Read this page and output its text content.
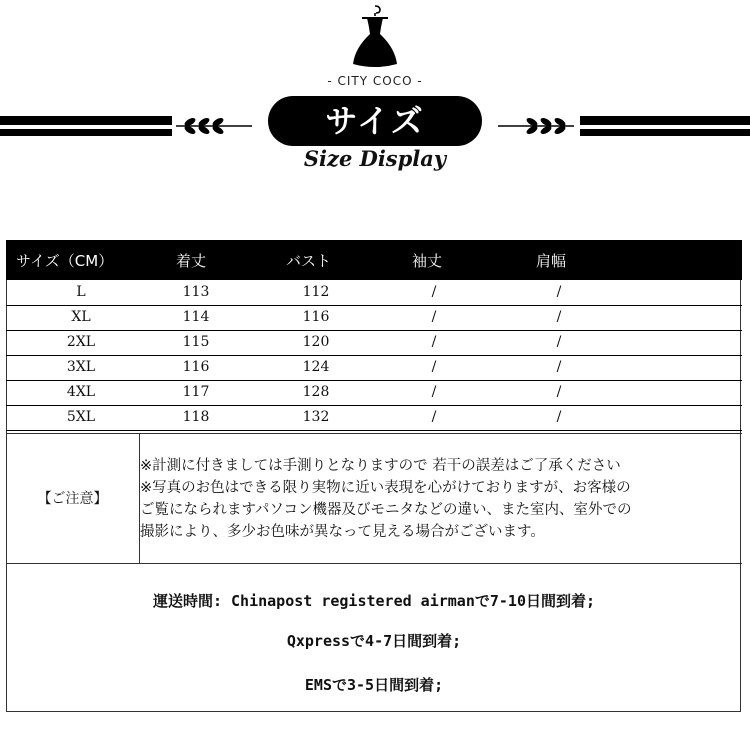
- CITY COCO -
サイズ
Size Display
サイズ（CM）	着丈	バスト	袖丈	肩幅
L	113	112	/	/
XL	114	116	/	/
2XL	115	120	/	/
3XL	116	124	/	/
4XL	117	128	/	/
5XL	118	132	/	/
【ご注意】
※計測に付きましては手測りとなりますので 若干の誤差はご了承ください
※写真のお色はできる限り実物に近い表現を心がけておりますが、お客様の
ご覧になられますパソコン機器及びモニタなどの違い、また室内、室外での
撮影により、多少お色味が異なって見える場合がございます。
運送時間: Chinapost registered airmanで7-10日間到着;
Qxpressで4-7日間到着;
EMSで3-5日間到着;
